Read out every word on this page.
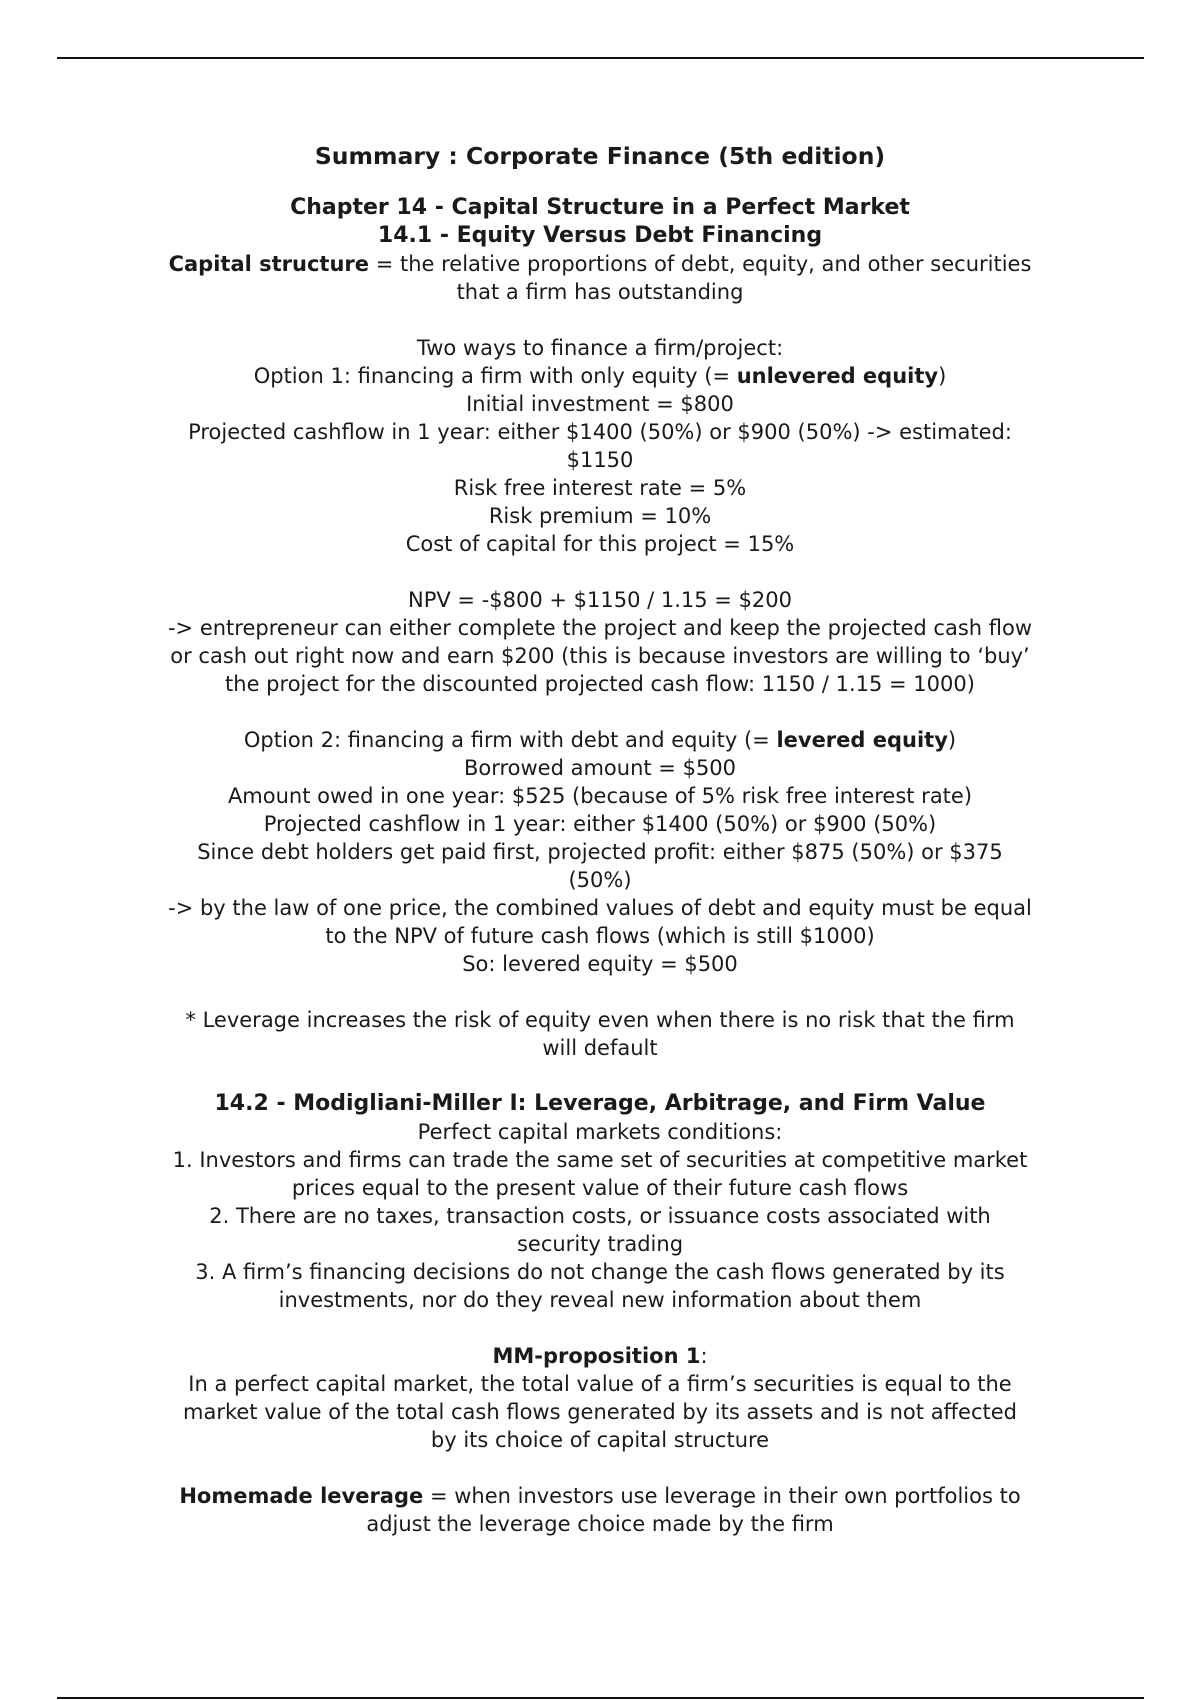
Summary : Corporate Finance (5th edition)

Chapter 14 - Capital Structure in a Perfect Market

14.1 - Equity Versus Debt Financing

Capital structure = the relative proportions of debt, equity, and other securities

that a firm has outstanding

Two ways to finance a firm/project:

Option 1: financing a firm with only equity (= unlevered equity)

Initial investment = $800

Projected cashflow in 1 year: either $1400 (50%) or $900 (50%) -> estimated:

$1150

Risk free interest rate = 5%

Risk premium = 10%

Cost of capital for this project = 15%

NPV = -$800 + $1150 / 1.15 = $200

-> entrepreneur can either complete the project and keep the projected cash flow

or cash out right now and earn $200 (this is because investors are willing to ‘buy’

the project for the discounted projected cash flow: 1150 / 1.15 = 1000)

Option 2: financing a firm with debt and equity (= levered equity)

Borrowed amount = $500

Amount owed in one year: $525 (because of 5% risk free interest rate)

Projected cashflow in 1 year: either $1400 (50%) or $900 (50%)

Since debt holders get paid first, projected profit: either $875 (50%) or $375

(50%)

-> by the law of one price, the combined values of debt and equity must be equal

to the NPV of future cash flows (which is still $1000)

So: levered equity = $500

* Leverage increases the risk of equity even when there is no risk that the firm

will default

14.2 - Modigliani-Miller I: Leverage, Arbitrage, and Firm Value

Perfect capital markets conditions:

1. Investors and firms can trade the same set of securities at competitive market

prices equal to the present value of their future cash flows

2. There are no taxes, transaction costs, or issuance costs associated with

security trading

3. A firm’s financing decisions do not change the cash flows generated by its

investments, nor do they reveal new information about them

MM-proposition 1:

In a perfect capital market, the total value of a firm’s securities is equal to the

market value of the total cash flows generated by its assets and is not affected

by its choice of capital structure

Homemade leverage = when investors use leverage in their own portfolios to

adjust the leverage choice made by the firm
